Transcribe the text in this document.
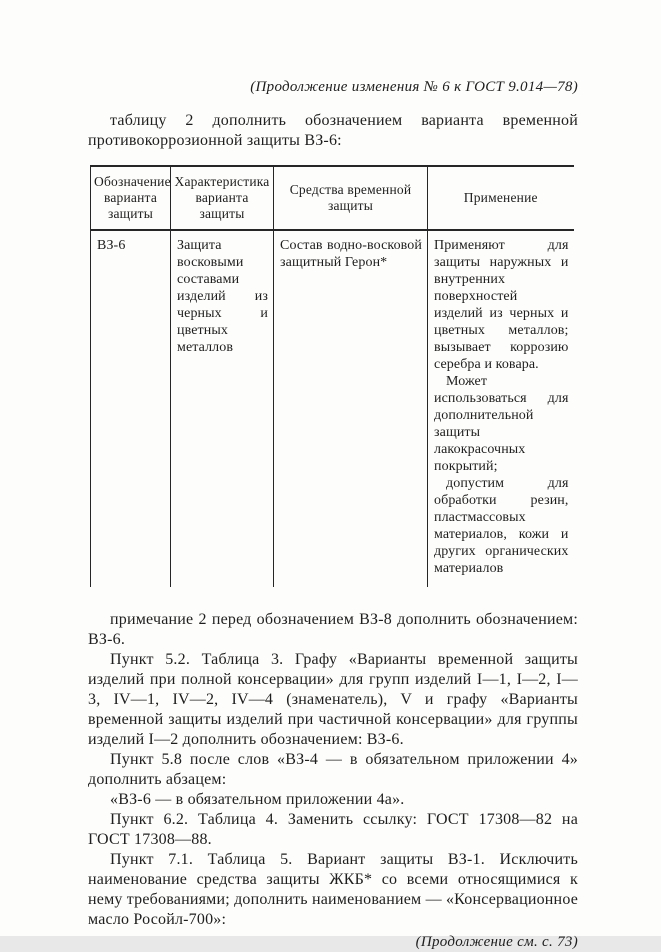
(Продолжение изменения № 6 к ГОСТ 9.014—78)

таблицу 2 дополнить обозначением варианта временной противокоррозионной защиты ВЗ-6:

Обозначение варианта защиты	Характеристика варианта защиты	Средства временной защиты	Применение
ВЗ-6	Защита восковыми составами изделий из черных и цветных металлов	Состав водно-восковой защитный Герон*	Применяют для защиты наружных и внутренних поверхностей изделий из черных и цветных металлов; вызывает коррозию серебра и ковара.

Может использоваться для дополнительной защиты лакокрасочных покрытий;

допустим для обработки резин, пластмассовых материалов, кожи и других органических материалов

примечание 2 перед обозначением ВЗ-8 дополнить обозначением: ВЗ-6.

Пункт 5.2. Таблица 3. Графу «Варианты временной защиты изделий при полной консервации» для групп изделий I—1, I—2, I—3, IV—1, IV—2, IV—4 (знаменатель), V и графу «Варианты временной защиты изделий при частичной консервации» для группы изделий I—2 дополнить обозначением: ВЗ-6.

Пункт 5.8 после слов «ВЗ-4 — в обязательном приложении 4» дополнить абзацем:

«ВЗ-6 — в обязательном приложении 4а».

Пункт 6.2. Таблица 4. Заменить ссылку: ГОСТ 17308—82 на ГОСТ 17308—88.

Пункт 7.1. Таблица 5. Вариант защиты ВЗ-1. Исключить наименование средства защиты ЖКБ* со всеми относящимися к нему требованиями; дополнить наименованием — «Консервационное масло Росойл-700»:

(Продолжение см. с. 73)
